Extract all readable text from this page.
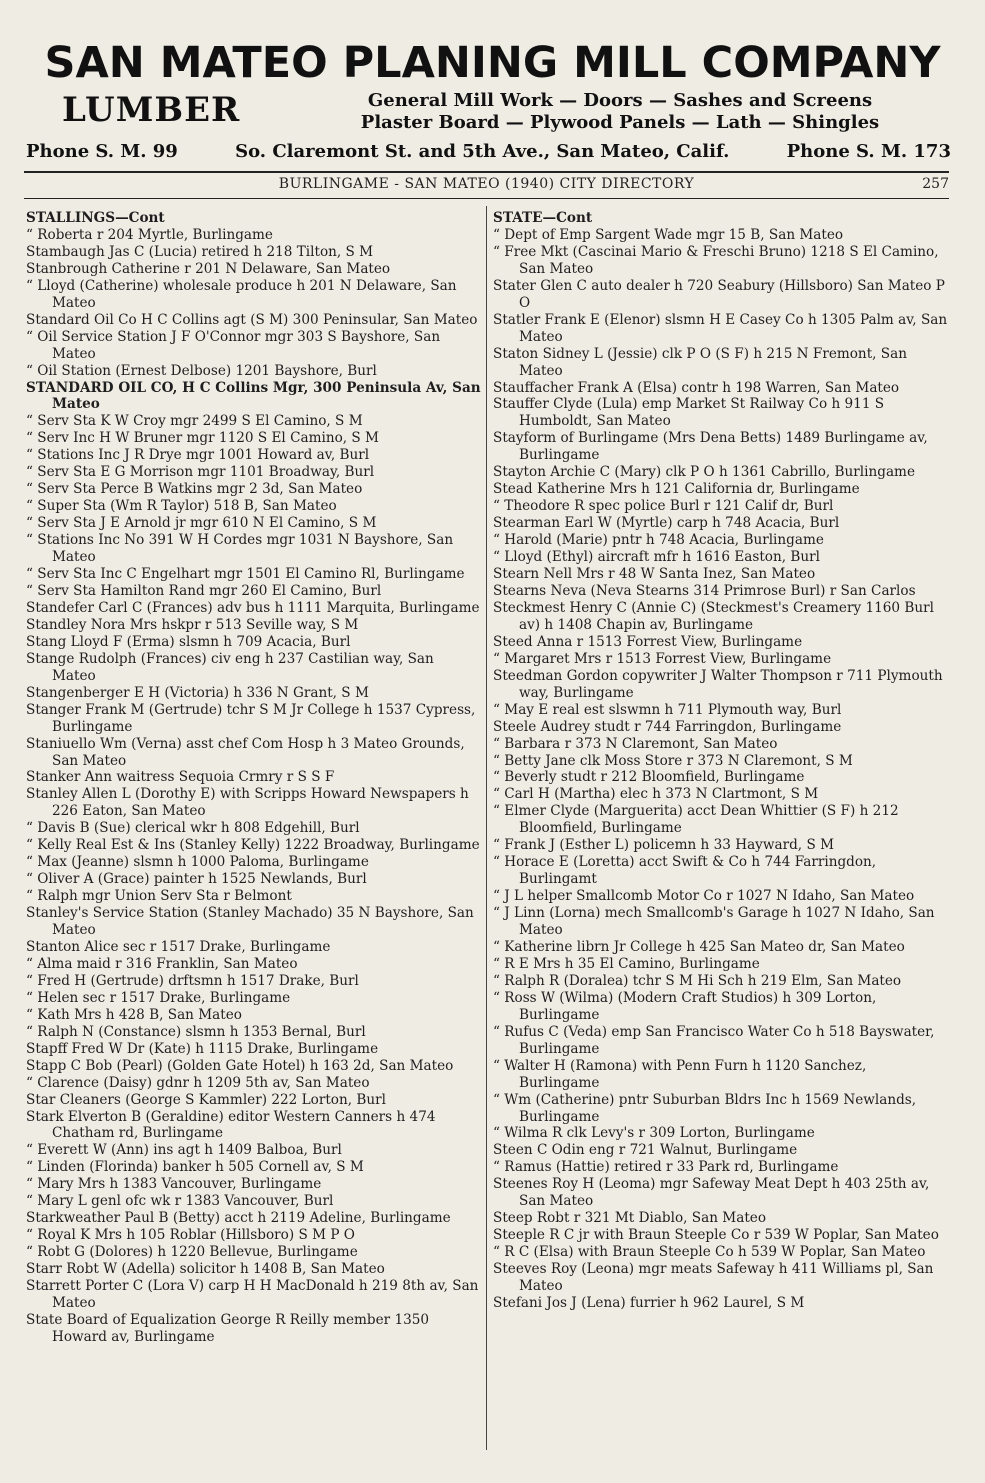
SAN MATEO PLANING MILL COMPANY
LUMBER	General Mill Work — Doors — Sashes and Screens
Plaster Board — Plywood Panels — Lath — Shingles
Phone S. M. 99	So. Claremont St. and 5th Ave., San Mateo, Calif.	Phone S. M. 173
BURLINGAME - SAN MATEO (1940) CITY DIRECTORY	257
STALLINGS—Cont
“ Roberta r 204 Myrtle, Burlingame
Stambaugh Jas C (Lucia) retired h 218 Tilton, S M
Stanbrough Catherine r 201 N Delaware, San Mateo
“ Lloyd (Catherine) wholesale produce h 201 N Delaware, San Mateo
Standard Oil Co H C Collins agt (S M) 300 Peninsular, San Mateo
“ Oil Service Station J F O'Connor mgr 303 S Bayshore, San Mateo
“ Oil Station (Ernest Delbose) 1201 Bayshore, Burl
STANDARD OIL CO, H C Collins Mgr, 300 Peninsula Av, San Mateo
“ Serv Sta K W Croy mgr 2499 S El Camino, S M
“ Serv Inc H W Bruner mgr 1120 S El Camino, S M
“ Stations Inc J R Drye mgr 1001 Howard av, Burl
“ Serv Sta E G Morrison mgr 1101 Broadway, Burl
“ Serv Sta Perce B Watkins mgr 2 3d, San Mateo
“ Super Sta (Wm R Taylor) 518 B, San Mateo
“ Serv Sta J E Arnold jr mgr 610 N El Camino, S M
“ Stations Inc No 391 W H Cordes mgr 1031 N Bayshore, San Mateo
“ Serv Sta Inc C Engelhart mgr 1501 El Camino Rl, Burlingame
“ Serv Sta Hamilton Rand mgr 260 El Camino, Burl
Standefer Carl C (Frances) adv bus h 1111 Marquita, Burlingame
Standley Nora Mrs hskpr r 513 Seville way, S M
Stang Lloyd F (Erma) slsmn h 709 Acacia, Burl
Stange Rudolph (Frances) civ eng h 237 Castilian way, San Mateo
Stangenberger E H (Victoria) h 336 N Grant, S M
Stanger Frank M (Gertrude) tchr S M Jr College h 1537 Cypress, Burlingame
Staniuello Wm (Verna) asst chef Com Hosp h 3 Mateo Grounds, San Mateo
Stanker Ann waitress Sequoia Crmry r S S F
Stanley Allen L (Dorothy E) with Scripps Howard Newspapers h 226 Eaton, San Mateo
“ Davis B (Sue) clerical wkr h 808 Edgehill, Burl
“ Kelly Real Est & Ins (Stanley Kelly) 1222 Broadway, Burlingame
“ Max (Jeanne) slsmn h 1000 Paloma, Burlingame
“ Oliver A (Grace) painter h 1525 Newlands, Burl
“ Ralph mgr Union Serv Sta r Belmont
Stanley's Service Station (Stanley Machado) 35 N Bayshore, San Mateo
Stanton Alice sec r 1517 Drake, Burlingame
“ Alma maid r 316 Franklin, San Mateo
“ Fred H (Gertrude) drftsmn h 1517 Drake, Burl
“ Helen sec r 1517 Drake, Burlingame
“ Kath Mrs h 428 B, San Mateo
“ Ralph N (Constance) slsmn h 1353 Bernal, Burl
Stapff Fred W Dr (Kate) h 1115 Drake, Burlingame
Stapp C Bob (Pearl) (Golden Gate Hotel) h 163 2d, San Mateo
“ Clarence (Daisy) gdnr h 1209 5th av, San Mateo
Star Cleaners (George S Kammler) 222 Lorton, Burl
Stark Elverton B (Geraldine) editor Western Canners h 474 Chatham rd, Burlingame
“ Everett W (Ann) ins agt h 1409 Balboa, Burl
“ Linden (Florinda) banker h 505 Cornell av, S M
“ Mary Mrs h 1383 Vancouver, Burlingame
“ Mary L genl ofc wk r 1383 Vancouver, Burl
Starkweather Paul B (Betty) acct h 2119 Adeline, Burlingame
“ Royal K Mrs h 105 Roblar (Hillsboro) S M P O
“ Robt G (Dolores) h 1220 Bellevue, Burlingame
Starr Robt W (Adella) solicitor h 1408 B, San Mateo
Starrett Porter C (Lora V) carp H H MacDonald h 219 8th av, San Mateo
State Board of Equalization George R Reilly member 1350 Howard av, Burlingame
STATE—Cont
“ Dept of Emp Sargent Wade mgr 15 B, San Mateo
“ Free Mkt (Cascinai Mario & Freschi Bruno) 1218 S El Camino, San Mateo
Stater Glen C auto dealer h 720 Seabury (Hillsboro) San Mateo P O
Statler Frank E (Elenor) slsmn H E Casey Co h 1305 Palm av, San Mateo
Staton Sidney L (Jessie) clk P O (S F) h 215 N Fremont, San Mateo
Stauffacher Frank A (Elsa) contr h 198 Warren, San Mateo
Stauffer Clyde (Lula) emp Market St Railway Co h 911 S Humboldt, San Mateo
Stayform of Burlingame (Mrs Dena Betts) 1489 Burlingame av, Burlingame
Stayton Archie C (Mary) clk P O h 1361 Cabrillo, Burlingame
Stead Katherine Mrs h 121 California dr, Burlingame
“ Theodore R spec police Burl r 121 Calif dr, Burl
Stearman Earl W (Myrtle) carp h 748 Acacia, Burl
“ Harold (Marie) pntr h 748 Acacia, Burlingame
“ Lloyd (Ethyl) aircraft mfr h 1616 Easton, Burl
Stearn Nell Mrs r 48 W Santa Inez, San Mateo
Stearns Neva (Neva Stearns 314 Primrose Burl) r San Carlos
Steckmest Henry C (Annie C) (Steckmest's Creamery 1160 Burl av) h 1408 Chapin av, Burlingame
Steed Anna r 1513 Forrest View, Burlingame
“ Margaret Mrs r 1513 Forrest View, Burlingame
Steedman Gordon copywriter J Walter Thompson r 711 Plymouth way, Burlingame
“ May E real est slswmn h 711 Plymouth way, Burl
Steele Audrey studt r 744 Farringdon, Burlingame
“ Barbara r 373 N Claremont, San Mateo
“ Betty Jane clk Moss Store r 373 N Claremont, S M
“ Beverly studt r 212 Bloomfield, Burlingame
“ Carl H (Martha) elec h 373 N Clartmont, S M
“ Elmer Clyde (Marguerita) acct Dean Whittier (S F) h 212 Bloomfield, Burlingame
“ Frank J (Esther L) policemn h 33 Hayward, S M
“ Horace E (Loretta) acct Swift & Co h 744 Farringdon, Burlingamt
“ J L helper Smallcomb Motor Co r 1027 N Idaho, San Mateo
“ J Linn (Lorna) mech Smallcomb's Garage h 1027 N Idaho, San Mateo
“ Katherine librn Jr College h 425 San Mateo dr, San Mateo
“ R E Mrs h 35 El Camino, Burlingame
“ Ralph R (Doralea) tchr S M Hi Sch h 219 Elm, San Mateo
“ Ross W (Wilma) (Modern Craft Studios) h 309 Lorton, Burlingame
“ Rufus C (Veda) emp San Francisco Water Co h 518 Bayswater, Burlingame
“ Walter H (Ramona) with Penn Furn h 1120 Sanchez, Burlingame
“ Wm (Catherine) pntr Suburban Bldrs Inc h 1569 Newlands, Burlingame
“ Wilma R clk Levy's r 309 Lorton, Burlingame
Steen C Odin eng r 721 Walnut, Burlingame
“ Ramus (Hattie) retired r 33 Park rd, Burlingame
Steenes Roy H (Leoma) mgr Safeway Meat Dept h 403 25th av, San Mateo
Steep Robt r 321 Mt Diablo, San Mateo
Steeple R C jr with Braun Steeple Co r 539 W Poplar, San Mateo
“ R C (Elsa) with Braun Steeple Co h 539 W Poplar, San Mateo
Steeves Roy (Leona) mgr meats Safeway h 411 Williams pl, San Mateo
Stefani Jos J (Lena) furrier h 962 Laurel, S M
